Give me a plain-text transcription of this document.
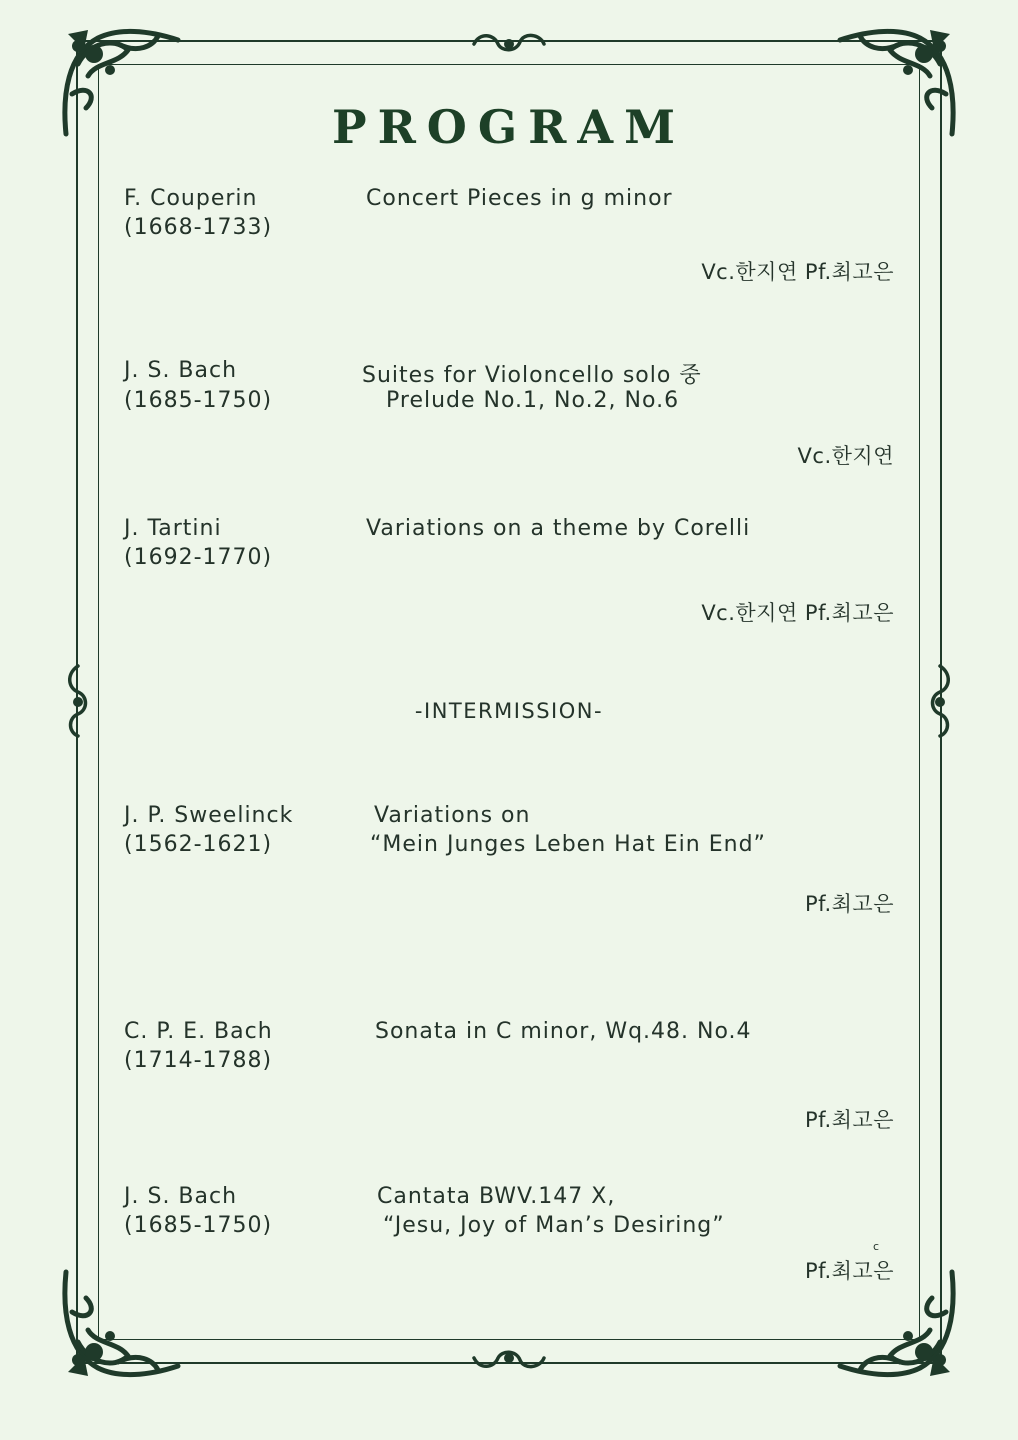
PROGRAM
F. Couperin
(1668-1733)
Concert Pieces in g minor
Vc.한지연 Pf.최고은
J. S. Bach
(1685-1750)
Suites for Violoncello solo 중
Prelude No.1, No.2, No.6
Vc.한지연
J. Tartini
(1692-1770)
Variations on a theme by Corelli
Vc.한지연 Pf.최고은
-INTERMISSION-
J. P. Sweelinck
(1562-1621)
Variations on
“Mein Junges Leben Hat Ein End”
Pf.최고은
C. P. E. Bach
(1714-1788)
Sonata in C minor, Wq.48. No.4
Pf.최고은
J. S. Bach
(1685-1750)
Cantata BWV.147 X,
“Jesu, Joy of Man’s Desiring”
Pf.최고은
c
